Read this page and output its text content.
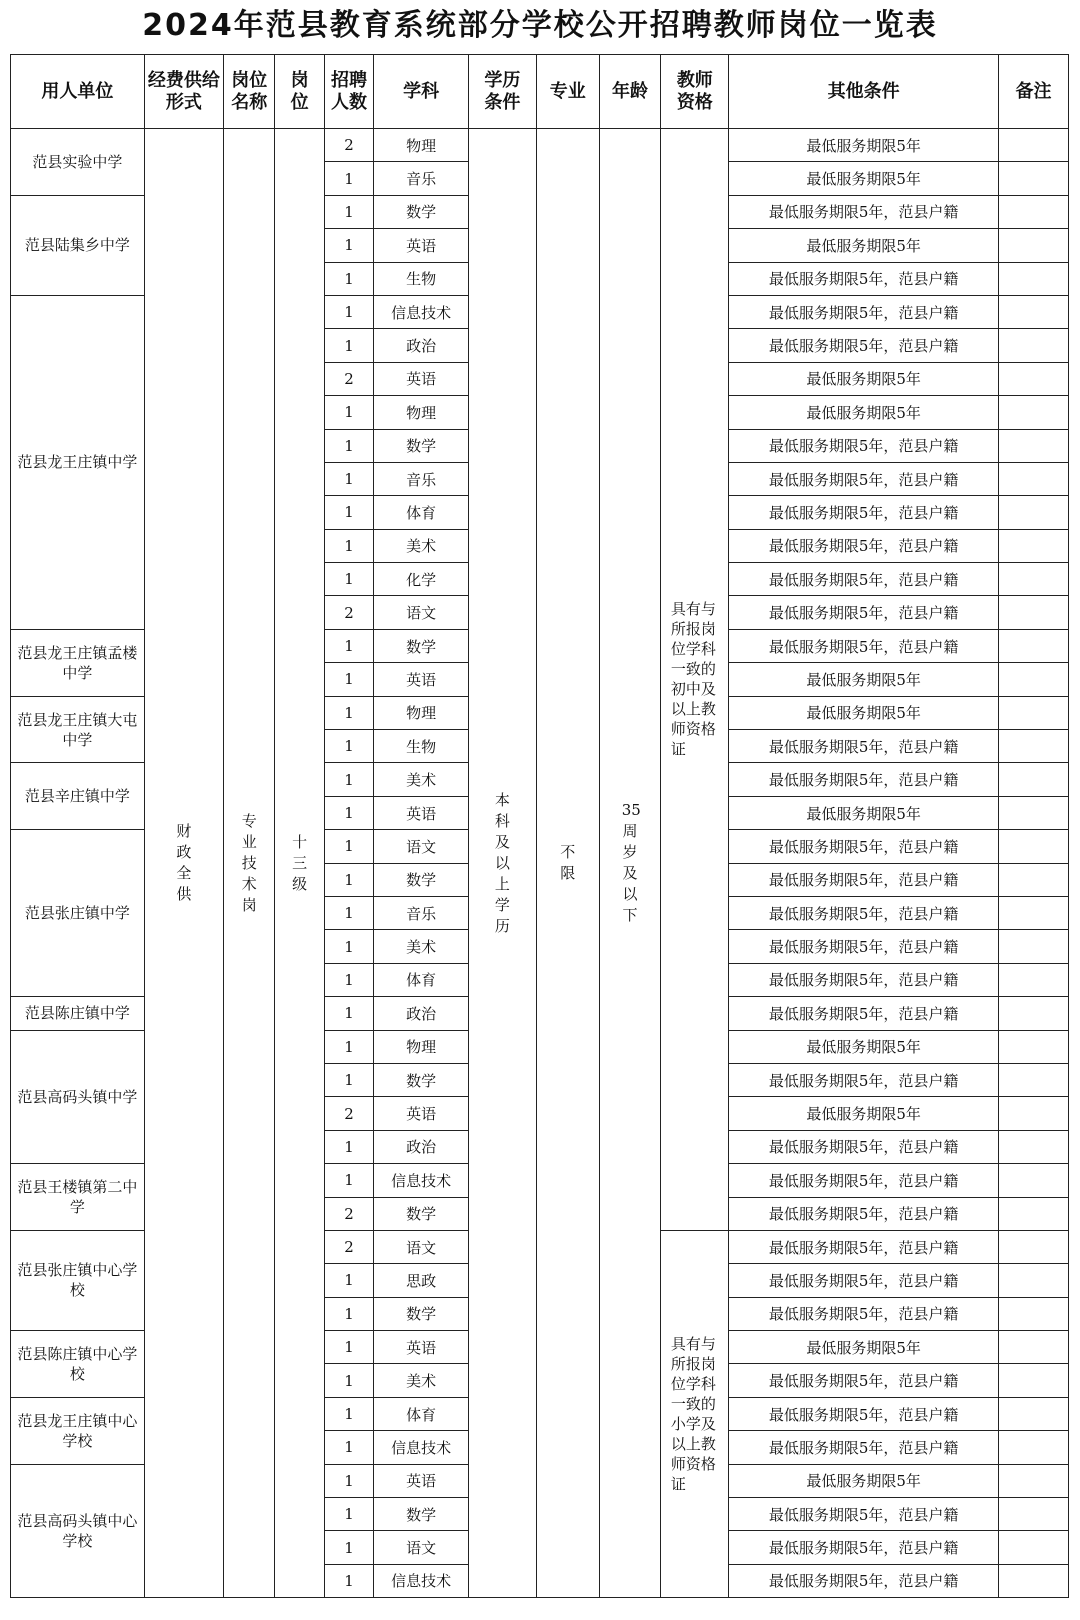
2024年范县教育系统部分学校公开招聘教师岗位一览表
用人单位	经费供给形式	岗位名称	岗位	招聘人数	学科	学历条件	专业	年龄	教师资格	其他条件	备注
范县实验中学	财政全供	专业技术岗	十三级	2	物理	本科及以上学历	不限	35周岁及以下	具有与所报岗位学科一致的初中及以上教师资格证	最低服务期限5年	
				1	音乐					最低服务期限5年	
范县陆集乡中学				1	数学					最低服务期限5年，范县户籍	
				1	英语					最低服务期限5年	
				1	生物					最低服务期限5年，范县户籍	
范县龙王庄镇中学				1	信息技术					最低服务期限5年，范县户籍	
				1	政治					最低服务期限5年，范县户籍	
				2	英语					最低服务期限5年	
				1	物理					最低服务期限5年	
				1	数学					最低服务期限5年，范县户籍	
				1	音乐					最低服务期限5年，范县户籍	
				1	体育					最低服务期限5年，范县户籍	
				1	美术					最低服务期限5年，范县户籍	
				1	化学					最低服务期限5年，范县户籍	
				2	语文					最低服务期限5年，范县户籍	
范县龙王庄镇孟楼中学				1	数学					最低服务期限5年，范县户籍	
				1	英语					最低服务期限5年	
范县龙王庄镇大屯中学				1	物理					最低服务期限5年	
				1	生物					最低服务期限5年，范县户籍	
范县辛庄镇中学				1	美术					最低服务期限5年，范县户籍	
				1	英语					最低服务期限5年	
范县张庄镇中学				1	语文					最低服务期限5年，范县户籍	
				1	数学					最低服务期限5年，范县户籍	
				1	音乐					最低服务期限5年，范县户籍	
				1	美术					最低服务期限5年，范县户籍	
				1	体育					最低服务期限5年，范县户籍	
范县陈庄镇中学				1	政治					最低服务期限5年，范县户籍	
范县高码头镇中学				1	物理					最低服务期限5年	
				1	数学					最低服务期限5年，范县户籍	
				2	英语					最低服务期限5年	
				1	政治					最低服务期限5年，范县户籍	
范县王楼镇第二中学				1	信息技术					最低服务期限5年，范县户籍	
				2	数学					最低服务期限5年，范县户籍	
范县张庄镇中心学校				2	语文				具有与所报岗位学科一致的小学及以上教师资格证	最低服务期限5年，范县户籍	
				1	思政					最低服务期限5年，范县户籍	
				1	数学					最低服务期限5年，范县户籍	
范县陈庄镇中心学校				1	英语					最低服务期限5年	
				1	美术					最低服务期限5年，范县户籍	
范县龙王庄镇中心学校				1	体育					最低服务期限5年，范县户籍	
				1	信息技术					最低服务期限5年，范县户籍	
范县高码头镇中心学校				1	英语					最低服务期限5年	
				1	数学					最低服务期限5年，范县户籍	
				1	语文					最低服务期限5年，范县户籍	
				1	信息技术					最低服务期限5年，范县户籍	
